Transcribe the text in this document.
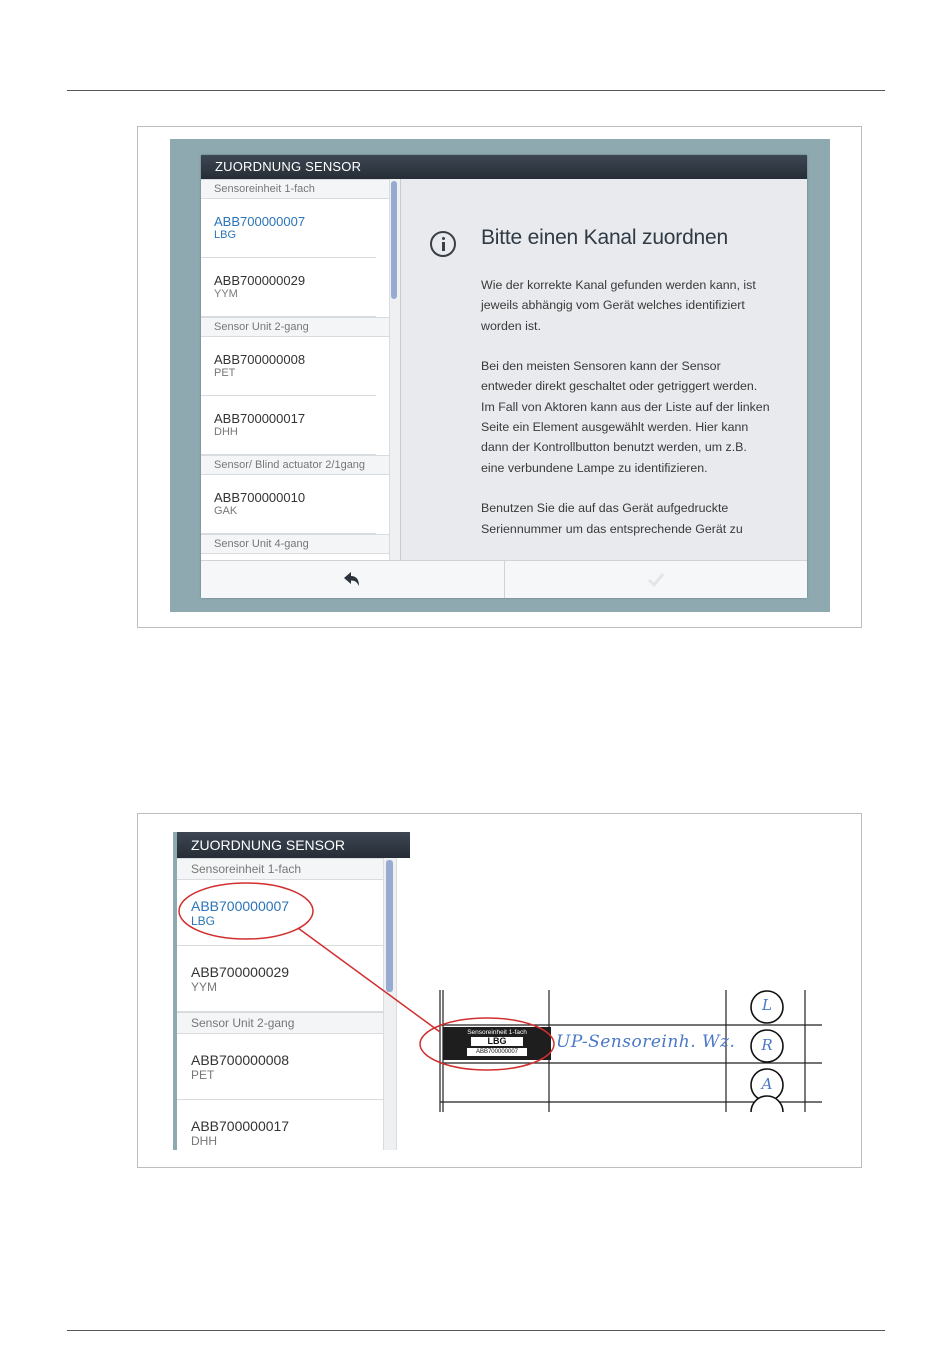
ZUORDNUNG SENSOR
Sensoreinheit 1-fach
ABB700000007
LBG
ABB700000029
YYM
Sensor Unit 2-gang
ABB700000008
PET
ABB700000017
DHH
Sensor/ Blind actuator 2/1gang
ABB700000010
GAK
Sensor Unit 4-gang
Bitte einen Kanal zuordnen

Wie der korrekte Kanal gefunden werden kann, ist jeweils abhängig vom Gerät welches identifiziert worden ist.

Bei den meisten Sensoren kann der Sensor entweder direkt geschaltet oder getriggert werden. Im Fall von Aktoren kann aus der Liste auf der linken Seite ein Element ausgewählt werden. Hier kann dann der Kontrollbutton benutzt werden, um z.B. eine verbundene Lampe zu identifizieren.

Benutzen Sie die auf das Gerät aufgedruckte Seriennummer um das entsprechende Gerät zu

ZUORDNUNG SENSOR
Sensoreinheit 1-fach
ABB700000007
LBG
ABB700000029
YYM
Sensor Unit 2-gang
ABB700000008
PET
ABB700000017
DHH
L
R
A
Sensoreinheit 1-fach
LBG
ABB700000007	UP-Sensoreinh. Wz.
